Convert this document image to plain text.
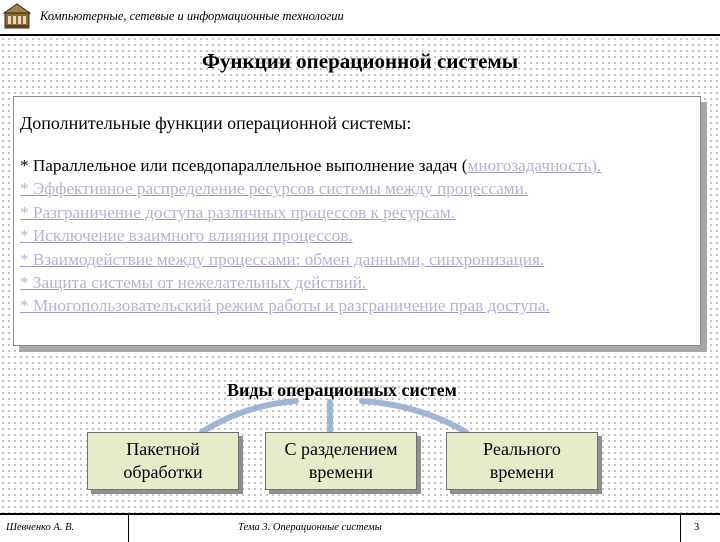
Компьютерные, сетевые и информационные технологии
Функции операционной системы
Дополнительные функции операционной системы:
* Параллельное или псевдопараллельное выполнение задач (многозадачность).
* Эффективное распределение ресурсов системы между процессами.
* Разграничение доступа различных процессов к ресурсам.
* Исключение взаимного влияния процессов.
* Взаимодействие между процессами: обмен данными, синхронизация.
* Защита системы от нежелательных действий.
* Многопользовательский режим работы и разграничение прав доступа.
Виды операционных систем
Пакетной
обработки
С разделением
времени
Реального
времени
Шевченко А. В.	Тема 3. Операционные системы	3
